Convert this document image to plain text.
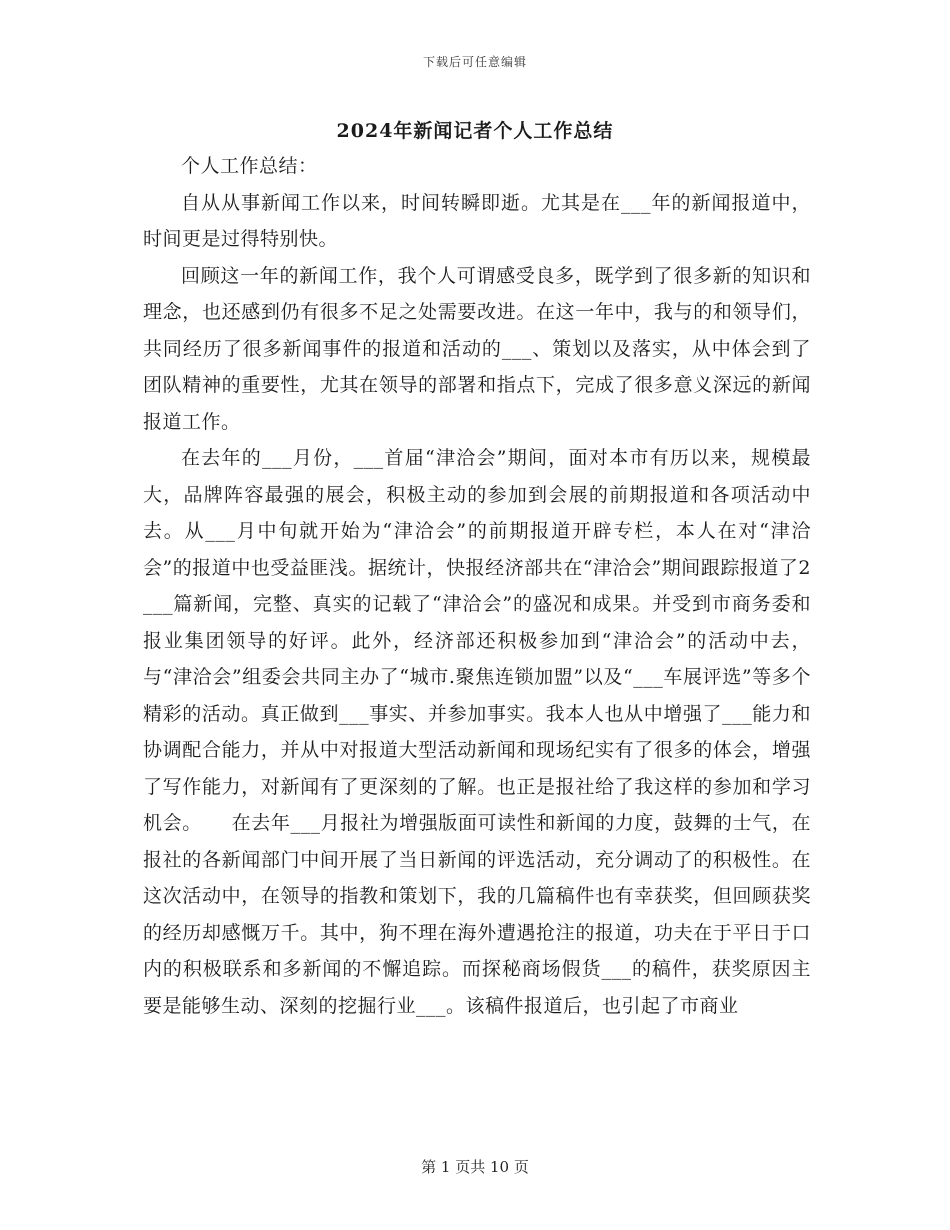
下载后可任意编辑
2024年新闻记者个人工作总结

个人工作总结：

自从从事新闻工作以来，时间转瞬即逝。尤其是在___年的新闻报道中，时间更是过得特别快。

回顾这一年的新闻工作，我个人可谓感受良多，既学到了很多新的知识和理念，也还感到仍有很多不足之处需要改进。在这一年中，我与的和领导们，共同经历了很多新闻事件的报道和活动的___、策划以及落实，从中体会到了团队精神的重要性，尤其在领导的部署和指点下，完成了很多意义深远的新闻报道工作。

在去年的___月份，___首届“津洽会”期间，面对本市有历以来，规模最大，品牌阵容最强的展会，积极主动的参加到会展的前期报道和各项活动中去。从___月中旬就开始为“津洽会”的前期报道开辟专栏，本人在对“津洽会”的报道中也受益匪浅。据统计，快报经济部共在“津洽会”期间跟踪报道了2___篇新闻，完整、真实的记载了“津洽会”的盛况和成果。并受到市商务委和报业集团领导的好评。此外，经济部还积极参加到“津洽会”的活动中去，与“津洽会”组委会共同主办了“城市.聚焦连锁加盟”以及“___车展评选”等多个精彩的活动。真正做到___事实、并参加事实。我本人也从中增强了___能力和协调配合能力，并从中对报道大型活动新闻和现场纪实有了很多的体会，增强了写作能力，对新闻有了更深刻的了解。也正是报社给了我这样的参加和学习机会。　　在去年___月报社为增强版面可读性和新闻的力度，鼓舞的士气，在报社的各新闻部门中间开展了当日新闻的评选活动，充分调动了的积极性。在这次活动中，在领导的指教和策划下，我的几篇稿件也有幸获奖，但回顾获奖的经历却感慨万千。其中，狗不理在海外遭遇抢注的报道，功夫在于平日于口内的积极联系和多新闻的不懈追踪。而探秘商场假货___的稿件，获奖原因主要是能够生动、深刻的挖掘行业___。该稿件报道后，也引起了市商业

第 1 页共 10 页
